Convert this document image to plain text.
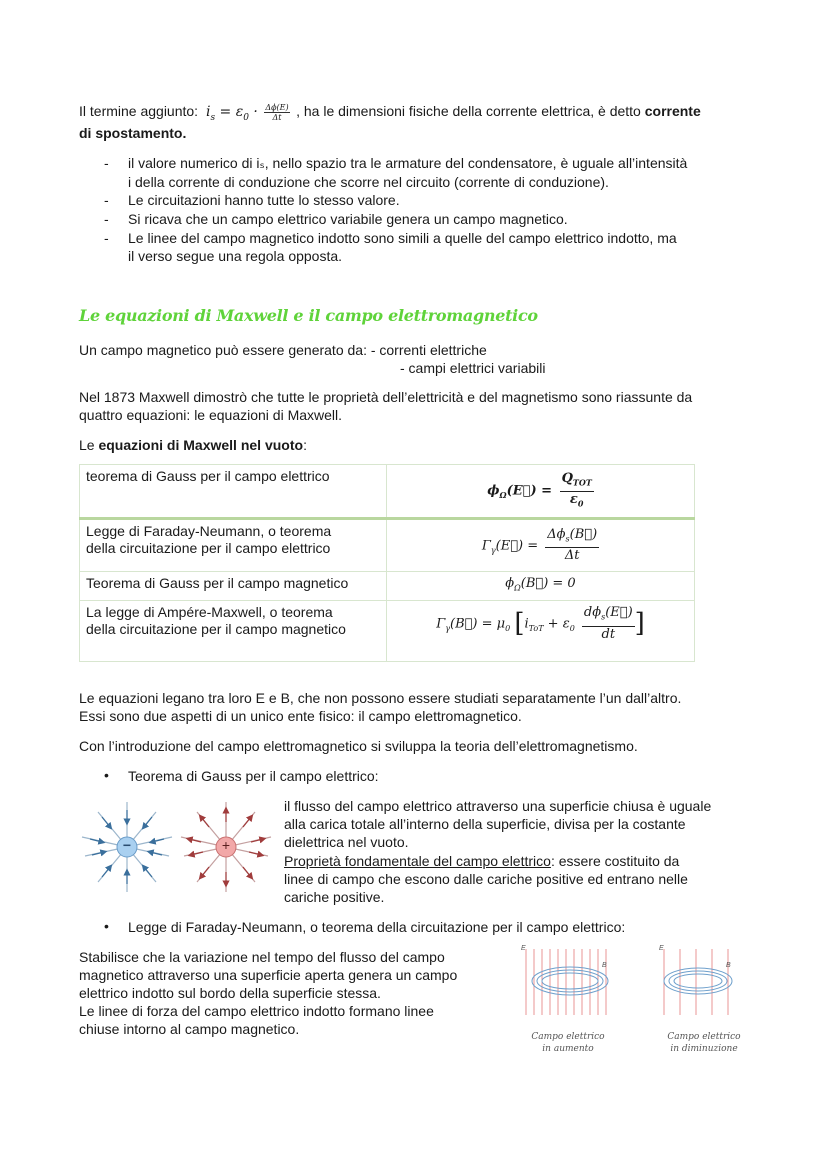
Il termine aggiunto: $i_s = \varepsilon_0 \cdot \frac{\Delta\phi(E)}{\Delta t}$ , ha le dimensioni fisiche della corrente elettrica, è detto corrente
di spostamento.
- il valore numerico di iₛ, nello spazio tra le armature del condensatore, è uguale all’intensità
i della corrente di conduzione che scorre nel circuito (corrente di conduzione).
- Le circuitazioni hanno tutte lo stesso valore.
- Si ricava che un campo elettrico variabile genera un campo magnetico.
- Le linee del campo magnetico indotto sono simili a quelle del campo elettrico indotto, ma
il verso segue una regola opposta.
Le equazioni di Maxwell e il campo elettromagnetico
Un campo magnetico può essere generato da: - correnti elettriche
- campi elettrici variabili
Nel 1873 Maxwell dimostrò che tutte le proprietà dell’elettricità e del magnetismo sono riassunte da
quattro equazioni: le equazioni di Maxwell.
Le equazioni di Maxwell nel vuoto:
teorema di Gauss per il campo elettrico	$\phi_\Omega(E⃗)$ =
$Q_{TOT}$
$\varepsilon_0$

Legge di Faraday-Neumann, o teorema
della circuitazione per il campo elettrico	$\Gamma_\gamma(E⃗)$ =
$\Delta\phi_s(B⃗)$
Δt

Teorema di Gauss per il campo magnetico	$\phi_\Omega(B⃗) = 0$
La legge di Ampére-Maxwell, o teorema
della circuitazione per il campo magnetico	$\Gamma_\gamma(B⃗) = \mu_0$ [$i_{ToT} + \varepsilon_0$
$d\phi_s(E⃗)$
dt ]
Le equazioni legano tra loro E e B, che non possono essere studiati separatamente l’un dall’altro.
Essi sono due aspetti di un unico ente fisico: il campo elettromagnetico.
Con l’introduzione del campo elettromagnetico si sviluppa la teoria dell’elettromagnetismo.
• Teorema di Gauss per il campo elettrico:
−	+
il flusso del campo elettrico attraverso una superficie chiusa è uguale
alla carica totale all’interno della superficie, divisa per la costante
dielettrica nel vuoto.
Proprietà fondamentale del campo elettrico: essere costituito da
linee di campo che escono dalle cariche positive ed entrano nelle
cariche positive.
• Legge di Faraday-Neumann, o teorema della circuitazione per il campo elettrico:
Stabilisce che la variazione nel tempo del flusso del campo
magnetico attraverso una superficie aperta genera un campo
elettrico indotto sul bordo della superficie stessa.
Le linee di forza del campo elettrico indotto formano linee
chiuse intorno al campo magnetico.
E
B
Campo elettrico
in aumento
E
B
Campo elettrico
in diminuzione
